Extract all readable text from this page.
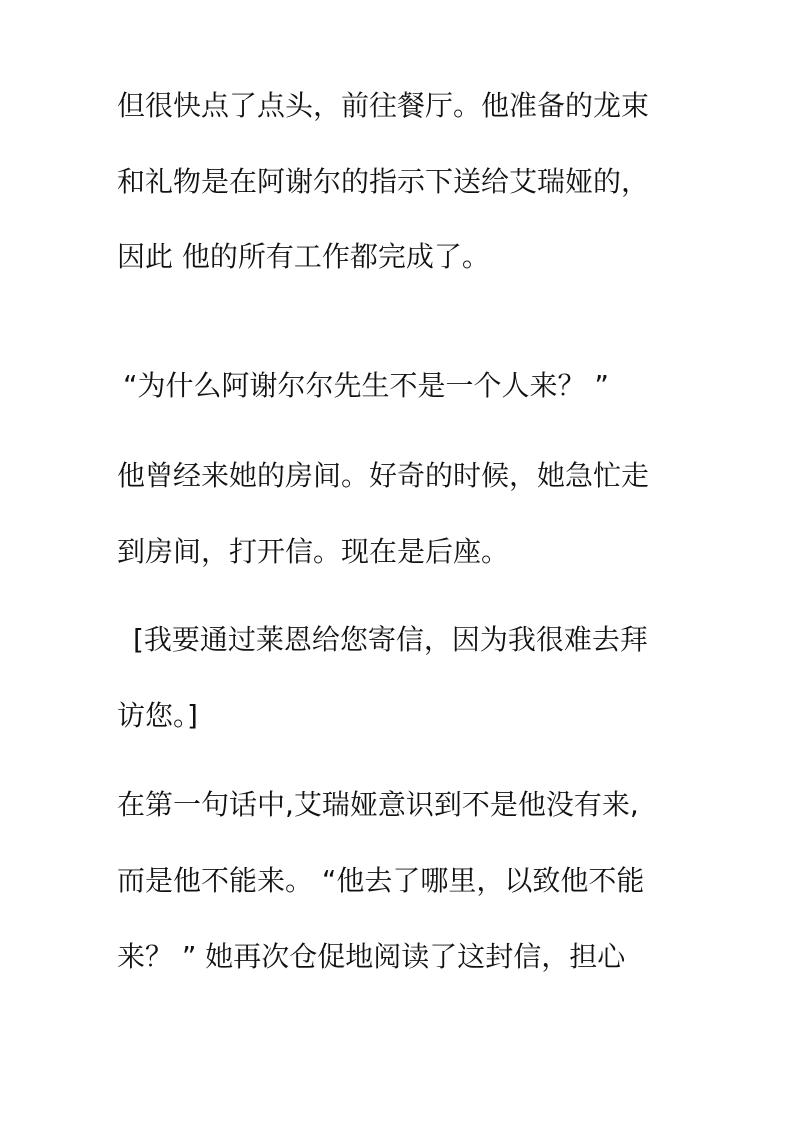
但很快点了点头，前往餐厅。他准备的龙束
和礼物是在阿谢尔的指示下送给艾瑞娅的，
因此 他的所有工作都完成了。
“为什么阿谢尔尔先生不是一个人来？ ”
他曾经来她的房间。好奇的时候，她急忙走
到房间，打开信。现在是后座。
[我要通过莱恩给您寄信，因为我很难去拜
访您。]
在第一句话中,艾瑞娅意识到不是他没有来,
而是他不能来。 “他去了哪里，以致他不能
来？ ” 她再次仓促地阅读了这封信，担心
